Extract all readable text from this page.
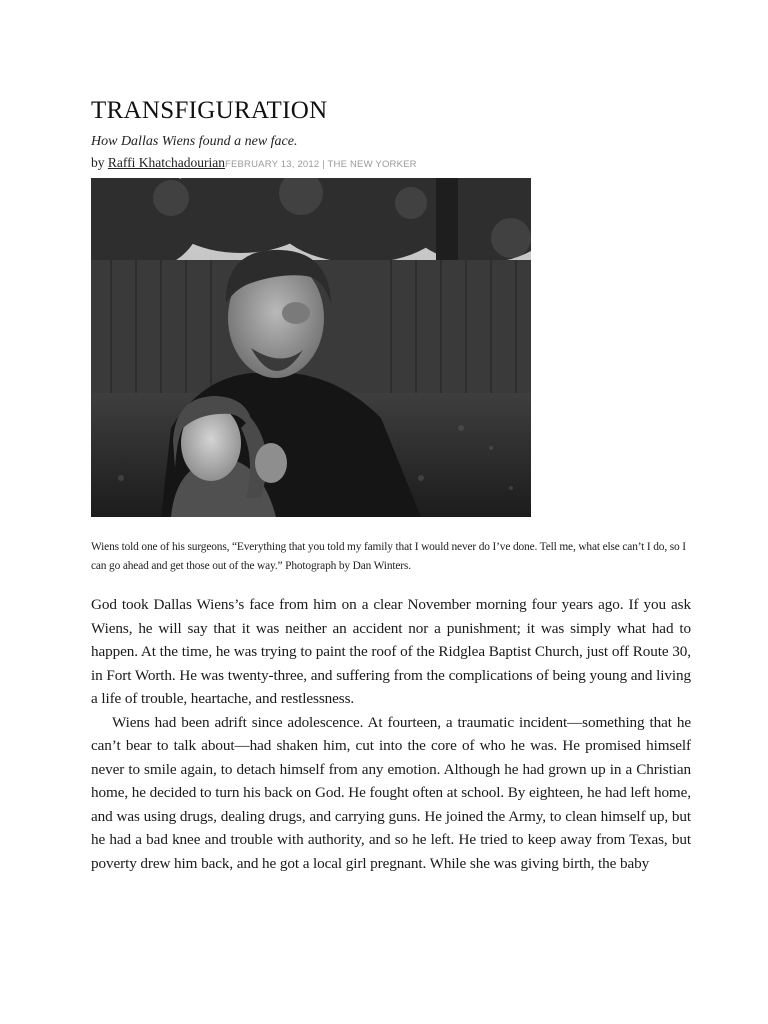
TRANSFIGURATION

How Dallas Wiens found a new face.

by Raffi KhatchadourianFEBRUARY 13, 2012 | THE NEW YORKER

Wiens told one of his surgeons, “Everything that you told my family that I would never do I’ve done. Tell me, what else can’t I do, so I can go ahead and get those out of the way.” Photograph by Dan Winters.

God took Dallas Wiens’s face from him on a clear November morning four years ago. If you ask Wiens, he will say that it was neither an accident nor a punishment; it was simply what had to happen. At the time, he was trying to paint the roof of the Ridglea Baptist Church, just off Route 30, in Fort Worth. He was twenty-three, and suffering from the complications of being young and living a life of trouble, heartache, and restlessness.

Wiens had been adrift since adolescence. At fourteen, a traumatic incident—something that he can’t bear to talk about—had shaken him, cut into the core of who he was. He promised himself never to smile again, to detach himself from any emotion. Although he had grown up in a Christian home, he decided to turn his back on God. He fought often at school. By eighteen, he had left home, and was using drugs, dealing drugs, and carrying guns. He joined the Army, to clean himself up, but he had a bad knee and trouble with authority, and so he left. He tried to keep away from Texas, but poverty drew him back, and he got a local girl pregnant. While she was giving birth, the baby
